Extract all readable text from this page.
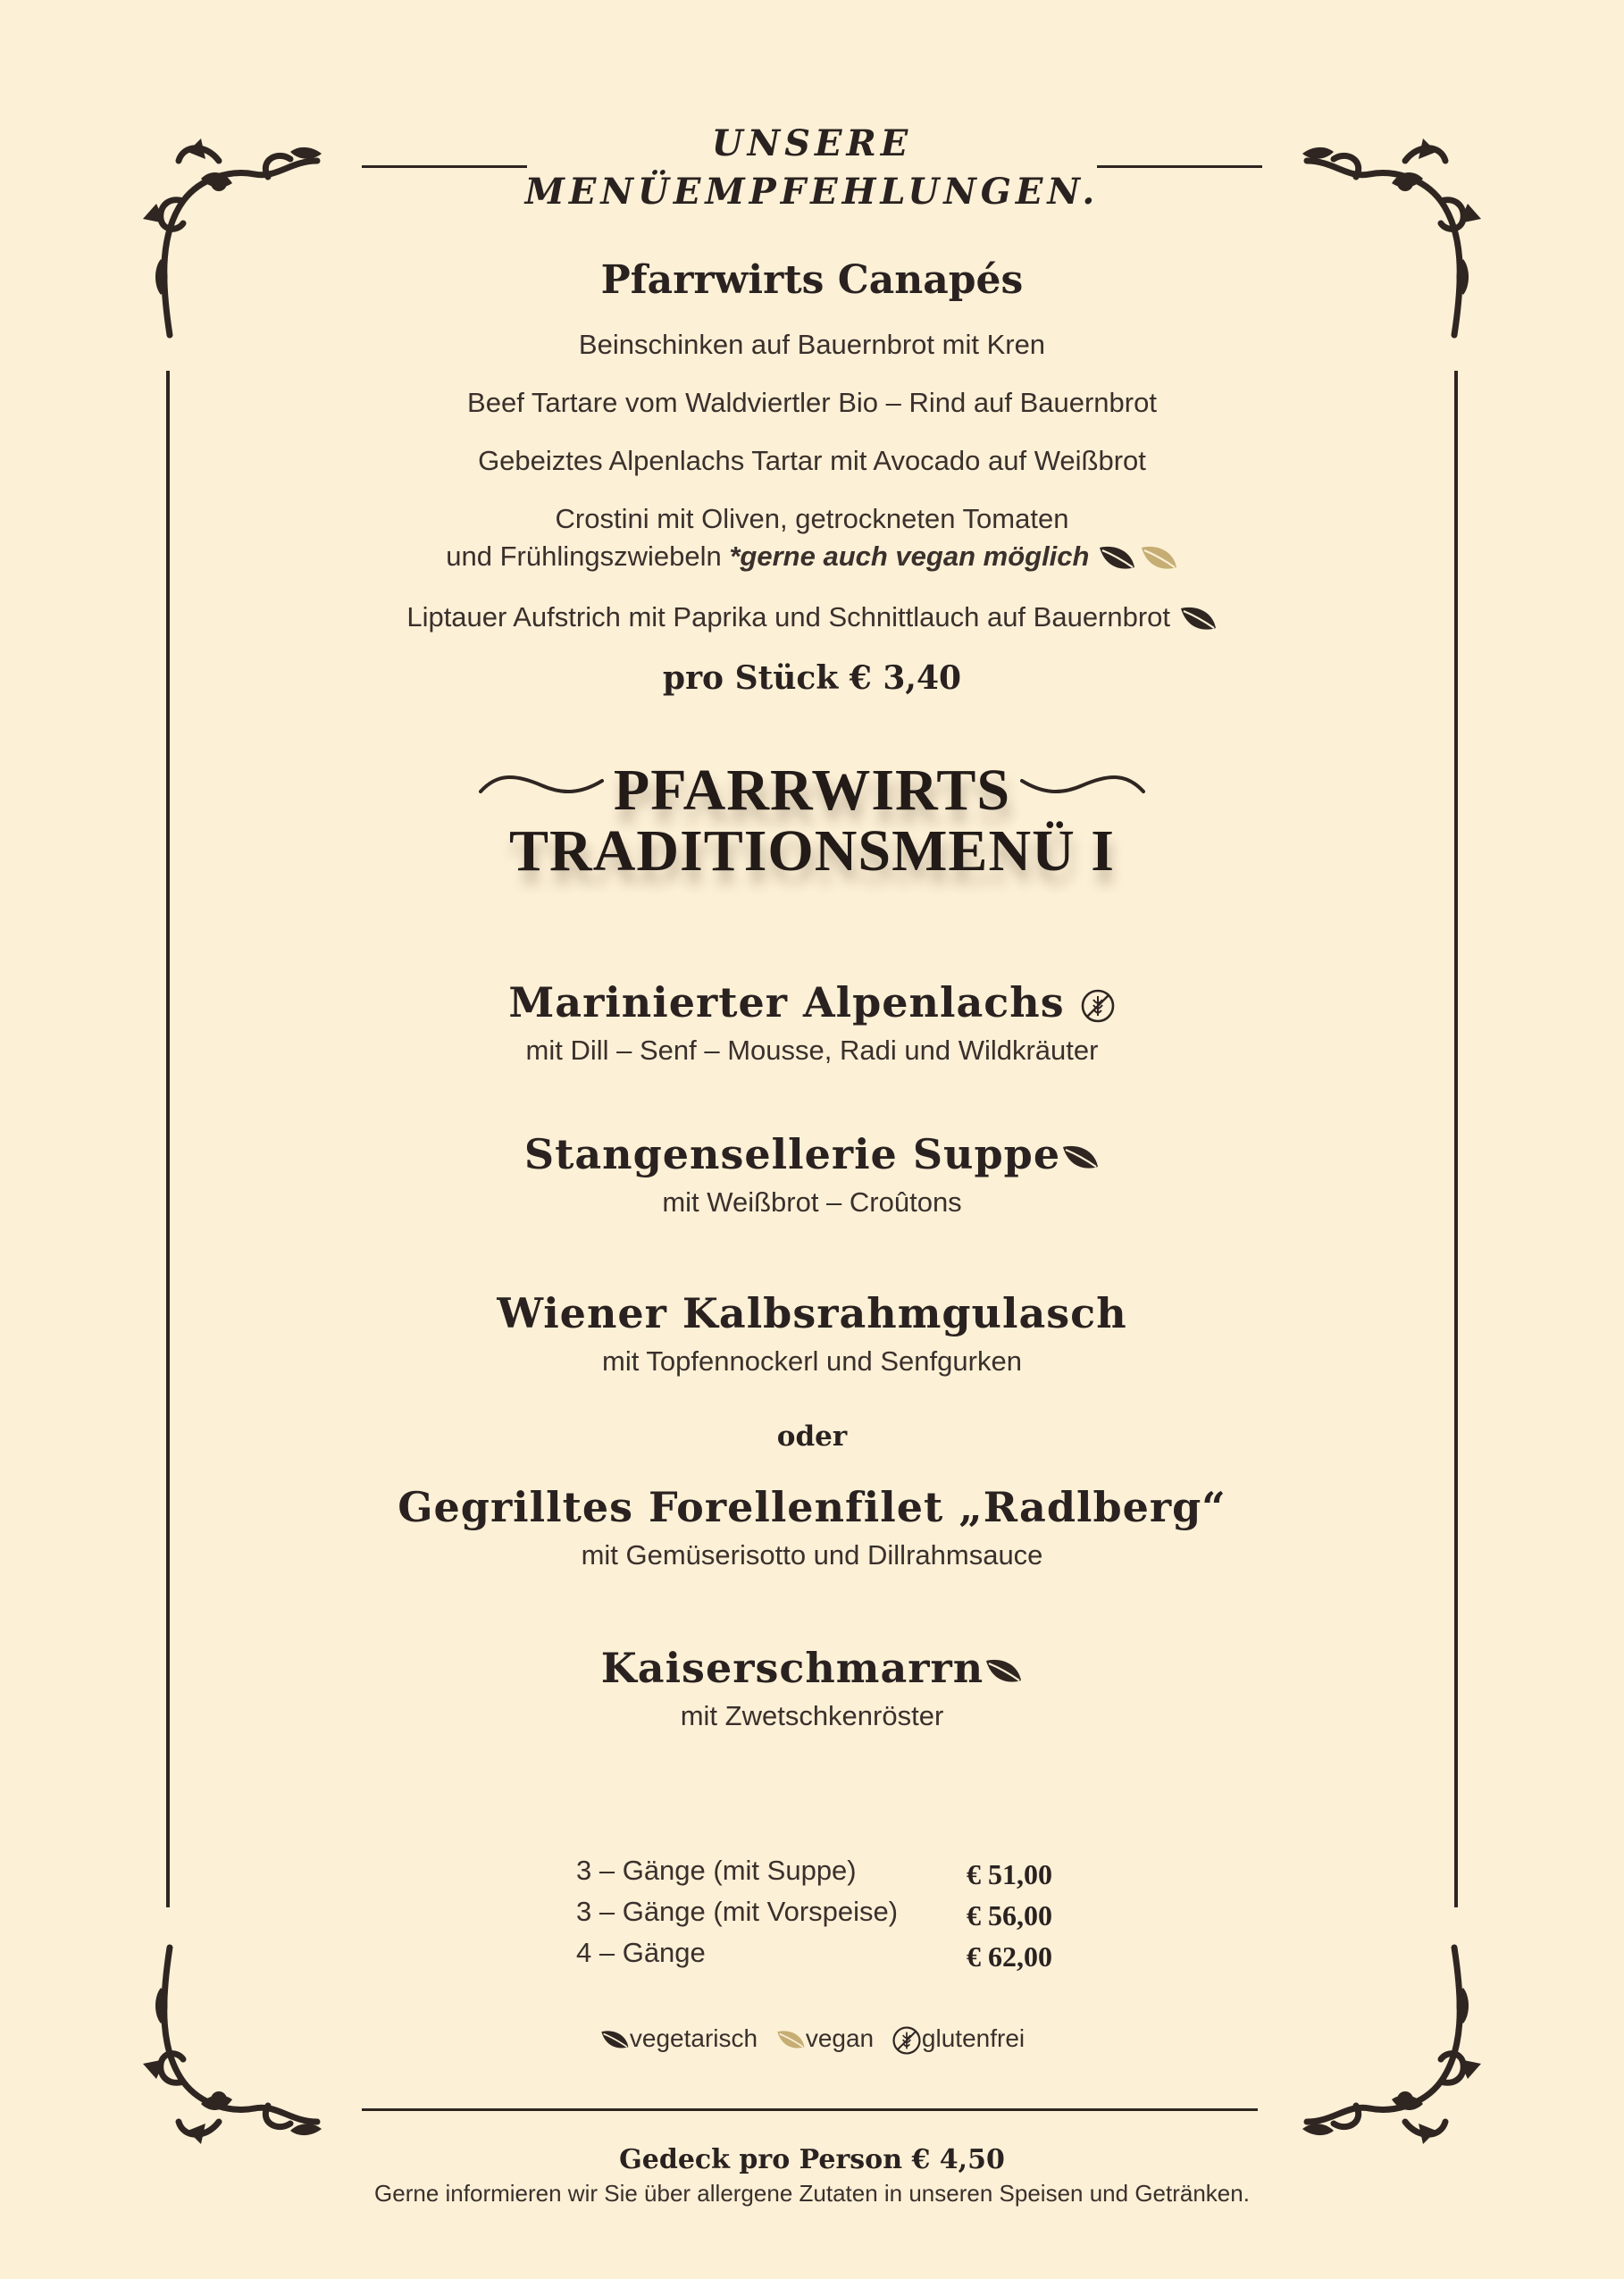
UNSERE
MENÜEMPFEHLUNGEN.
Pfarrwirts Canapés
Beinschinken auf Bauernbrot mit Kren
Beef Tartare vom Waldviertler Bio – Rind auf Bauernbrot
Gebeiztes Alpenlachs Tartar mit Avocado auf Weißbrot
Crostini mit Oliven, getrockneten Tomaten
und Frühlingszwiebeln *gerne auch vegan möglich
Liptauer Aufstrich mit Paprika und Schnittlauch auf Bauernbrot
pro Stück € 3,40
PFARRWIRTS
TRADITIONSMENÜ I
Marinierter Alpenlachs
mit Dill – Senf – Mousse, Radi und Wildkräuter
Stangensellerie Suppe
mit Weißbrot – Croûtons
Wiener Kalbsrahmgulasch
mit Topfennockerl und Senfgurken
oder
Gegrilltes Forellenfilet „Radlberg“
mit Gemüserisotto und Dillrahmsauce
Kaiserschmarrn
mit Zwetschkenröster
3 – Gänge (mit Suppe)	€ 51,00
3 – Gänge (mit Vorspeise) € 56,00
4 – Gänge	€ 62,00
vegetarisch vegan glutenfrei
Gedeck pro Person € 4,50
Gerne informieren wir Sie über allergene Zutaten in unseren Speisen und Getränken.
